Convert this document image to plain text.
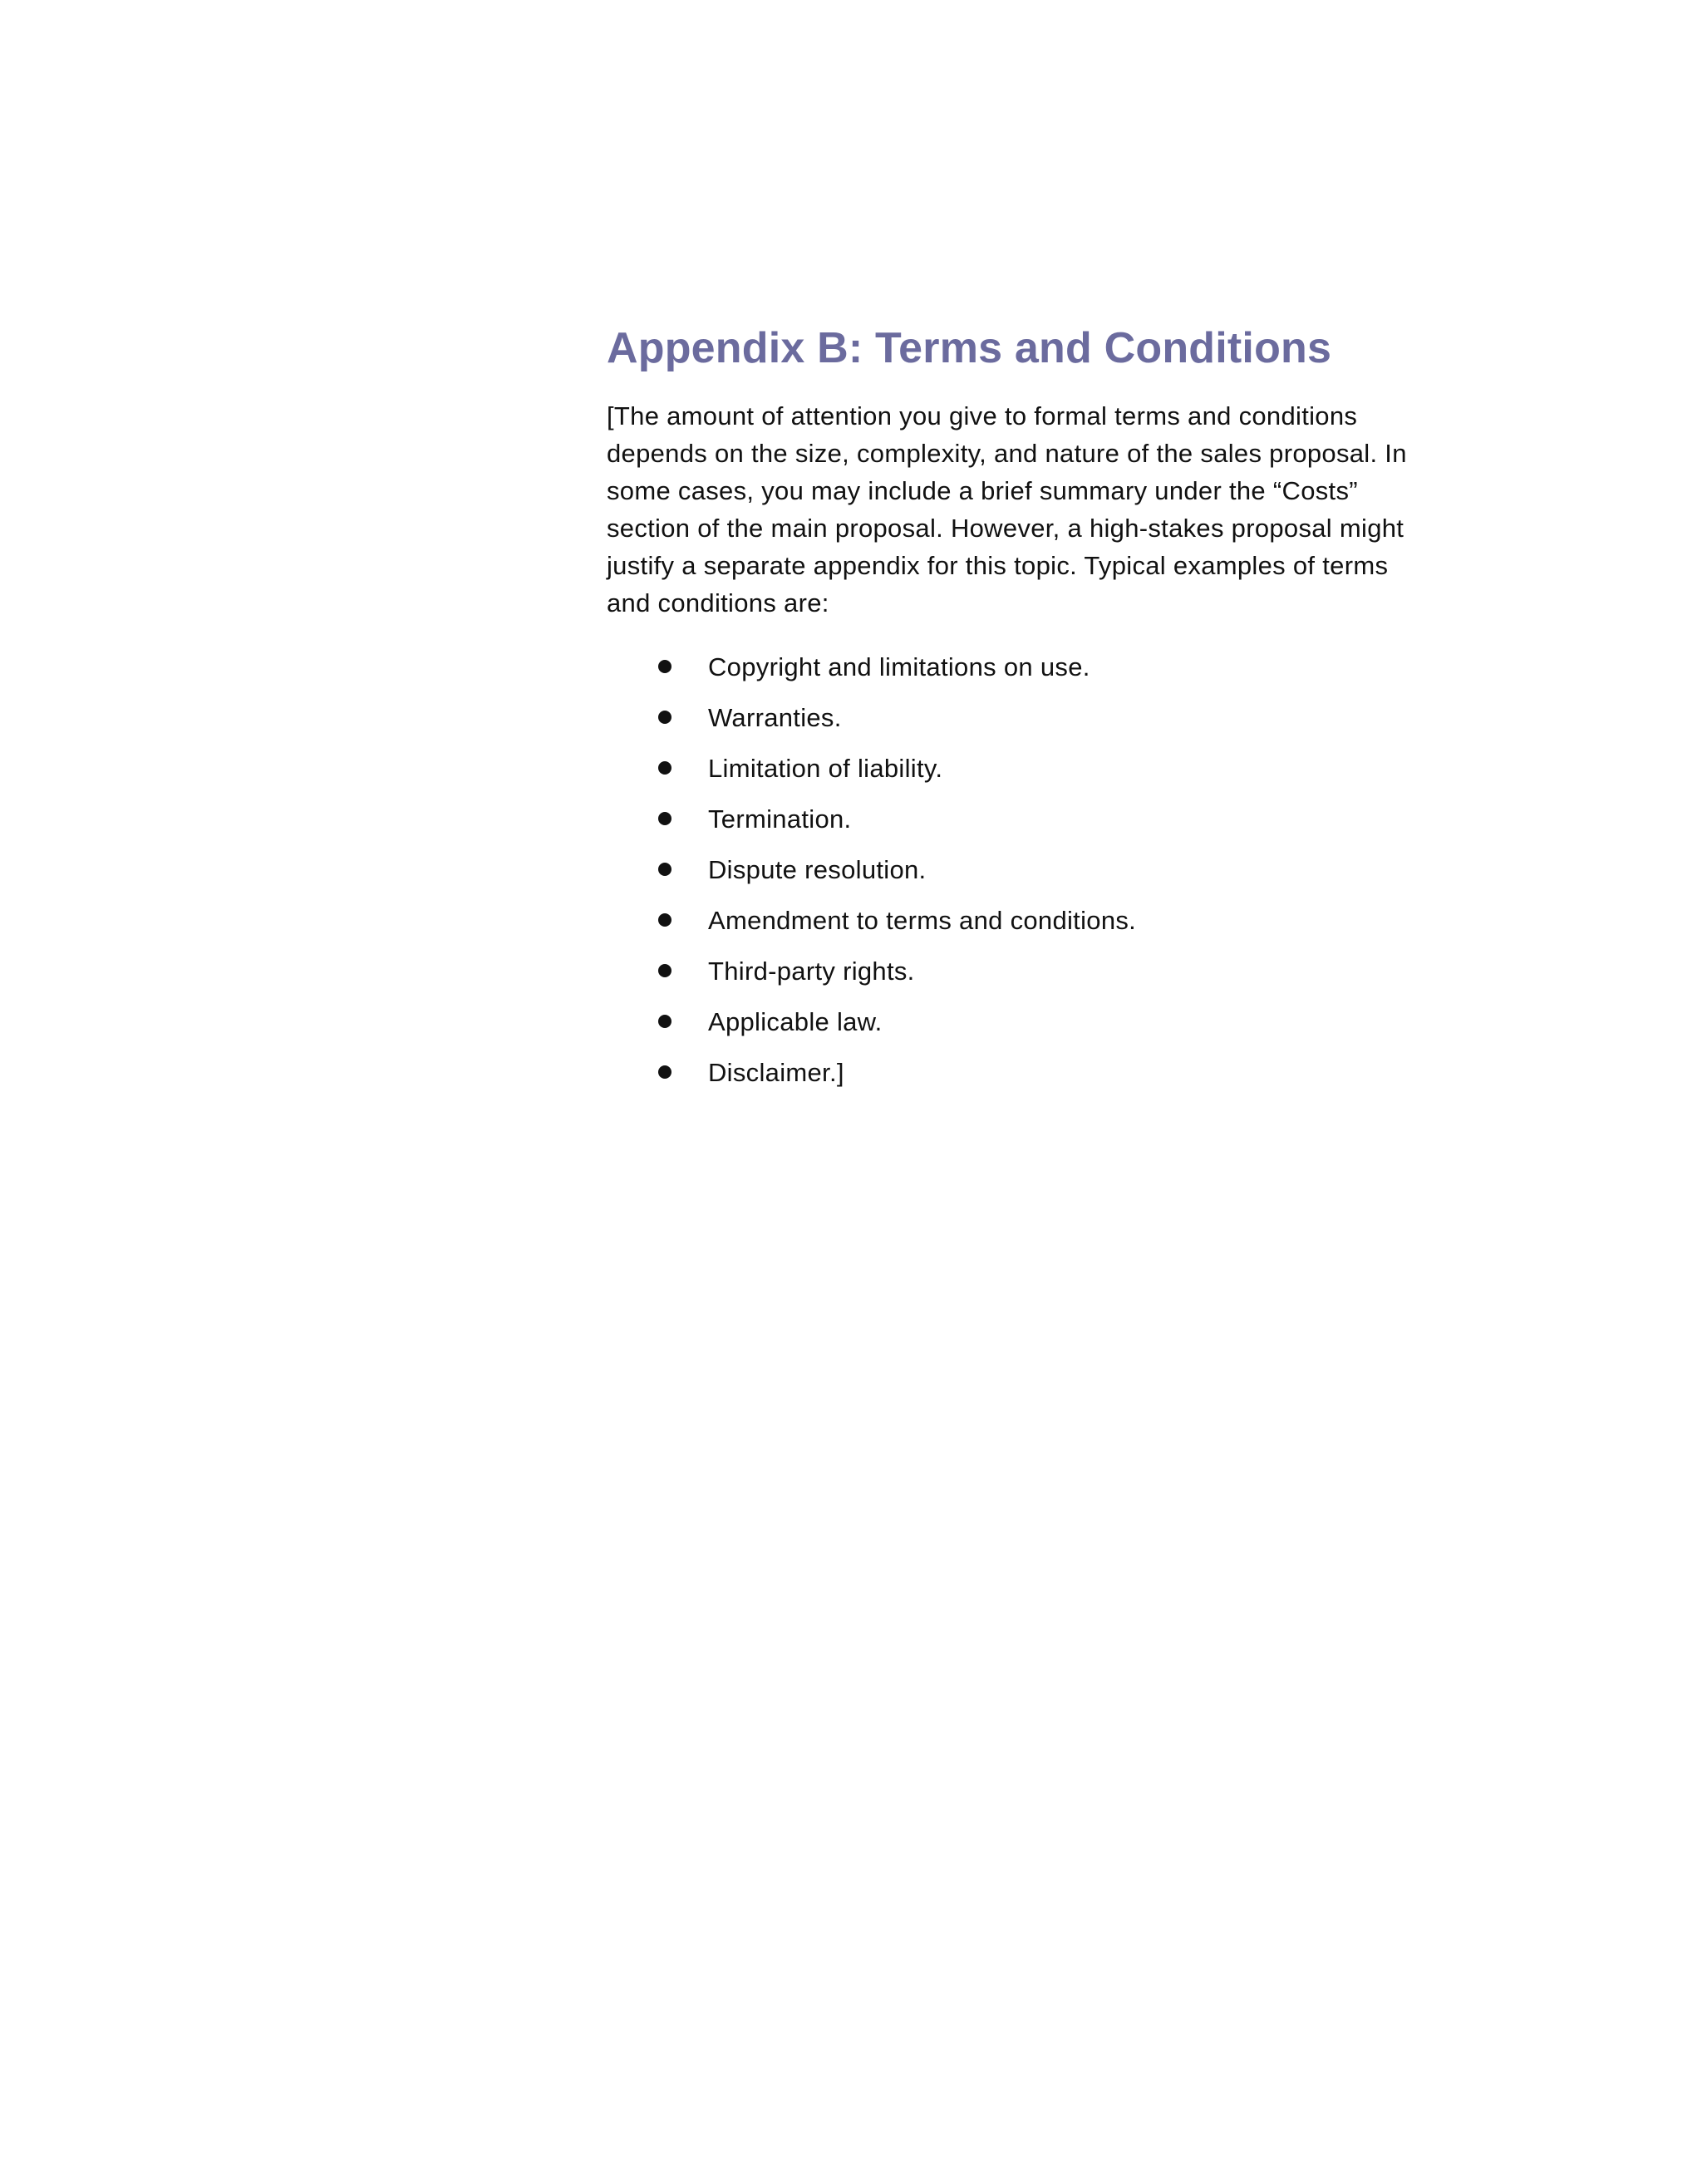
Appendix B: Terms and Conditions

[The amount of attention you give to formal terms and conditions depends on the size, complexity, and nature of the sales proposal. In some cases, you may include a brief summary under the “Costs” section of the main proposal. However, a high-stakes proposal might justify a separate appendix for this topic. Typical examples of terms and conditions are:

Copyright and limitations on use.
Warranties.
Limitation of liability.
Termination.
Dispute resolution.
Amendment to terms and conditions.
Third-party rights.
Applicable law.
Disclaimer.]
